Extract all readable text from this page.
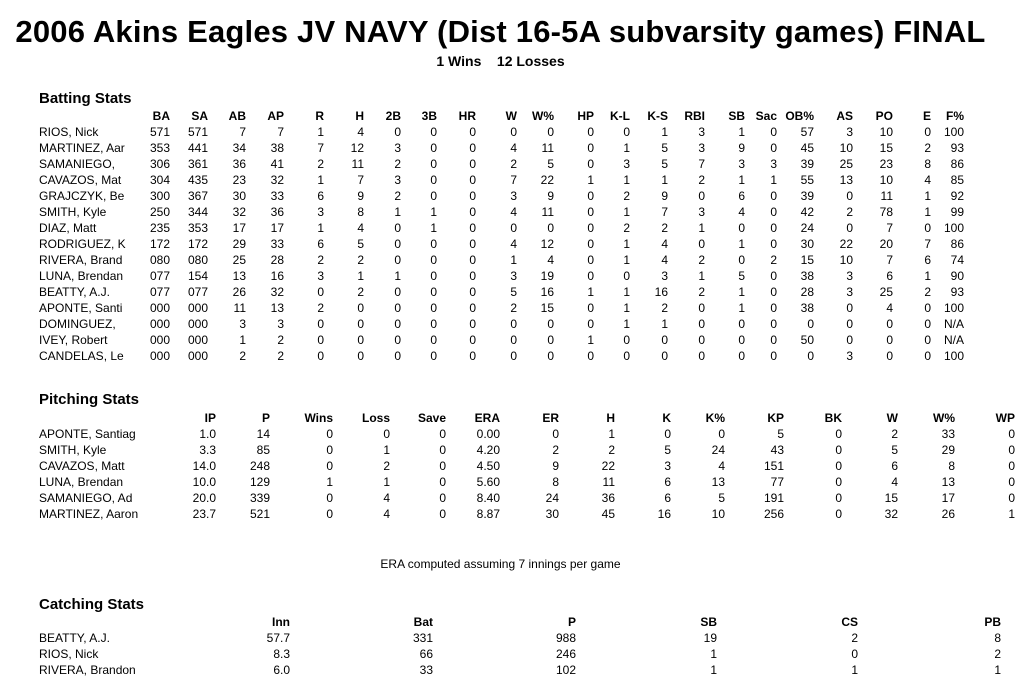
2006 Akins Eagles JV NAVY (Dist 16-5A subvarsity games) FINAL
1 Wins 12 Losses
Batting Stats
	BA	SA	AB	AP	R	H	2B	3B	HR	W	W%	HP	K-L	K-S	RBI	SB	Sac	OB%	AS	PO	E	F%
RIOS, Nick	571	571	7	7	1	4	0	0	0	0	0	0	0	1	3	1	0	57	3	10	0	100
MARTINEZ, Aar	353	441	34	38	7	12	3	0	0	4	11	0	1	5	3	9	0	45	10	15	2	93
SAMANIEGO,	306	361	36	41	2	11	2	0	0	2	5	0	3	5	7	3	3	39	25	23	8	86
CAVAZOS, Mat	304	435	23	32	1	7	3	0	0	7	22	1	1	1	2	1	1	55	13	10	4	85
GRAJCZYK, Be	300	367	30	33	6	9	2	0	0	3	9	0	2	9	0	6	0	39	0	11	1	92
SMITH, Kyle	250	344	32	36	3	8	1	1	0	4	11	0	1	7	3	4	0	42	2	78	1	99
DIAZ, Matt	235	353	17	17	1	4	0	1	0	0	0	0	2	2	1	0	0	24	0	7	0	100
RODRIGUEZ, K	172	172	29	33	6	5	0	0	0	4	12	0	1	4	0	1	0	30	22	20	7	86
RIVERA, Brand	080	080	25	28	2	2	0	0	0	1	4	0	1	4	2	0	2	15	10	7	6	74
LUNA, Brendan	077	154	13	16	3	1	1	0	0	3	19	0	0	3	1	5	0	38	3	6	1	90
BEATTY, A.J.	077	077	26	32	0	2	0	0	0	5	16	1	1	16	2	1	0	28	3	25	2	93
APONTE, Santi	000	000	11	13	2	0	0	0	0	2	15	0	1	2	0	1	0	38	0	4	0	100
DOMINGUEZ,	000	000	3	3	0	0	0	0	0	0	0	0	1	1	0	0	0	0	0	0	0	N/A
IVEY, Robert	000	000	1	2	0	0	0	0	0	0	0	1	0	0	0	0	0	50	0	0	0	N/A
CANDELAS, Le	000	000	2	2	0	0	0	0	0	0	0	0	0	0	0	0	0	0	3	0	0	100
Pitching Stats
	IP	P	Wins	Loss	Save	ERA	ER	H	K	K%	KP	BK	W	W%	WP
APONTE, Santiag	1.0	14	0	0	0	0.00	0	1	0	0	5	0	2	33	0
SMITH, Kyle	3.3	85	0	1	0	4.20	2	2	5	24	43	0	5	29	0
CAVAZOS, Matt	14.0	248	0	2	0	4.50	9	22	3	4	151	0	6	8	0
LUNA, Brendan	10.0	129	1	1	0	5.60	8	11	6	13	77	0	4	13	0
SAMANIEGO, Ad	20.0	339	0	4	0	8.40	24	36	6	5	191	0	15	17	0
MARTINEZ, Aaron	23.7	521	0	4	0	8.87	30	45	16	10	256	0	32	26	1
ERA computed assuming 7 innings per game
Catching Stats
	Inn	Bat	P	SB	CS	PB
BEATTY, A.J.	57.7	331	988	19	2	8
RIOS, Nick	8.3	66	246	1	0	2
RIVERA, Brandon	6.0	33	102	1	1	1
